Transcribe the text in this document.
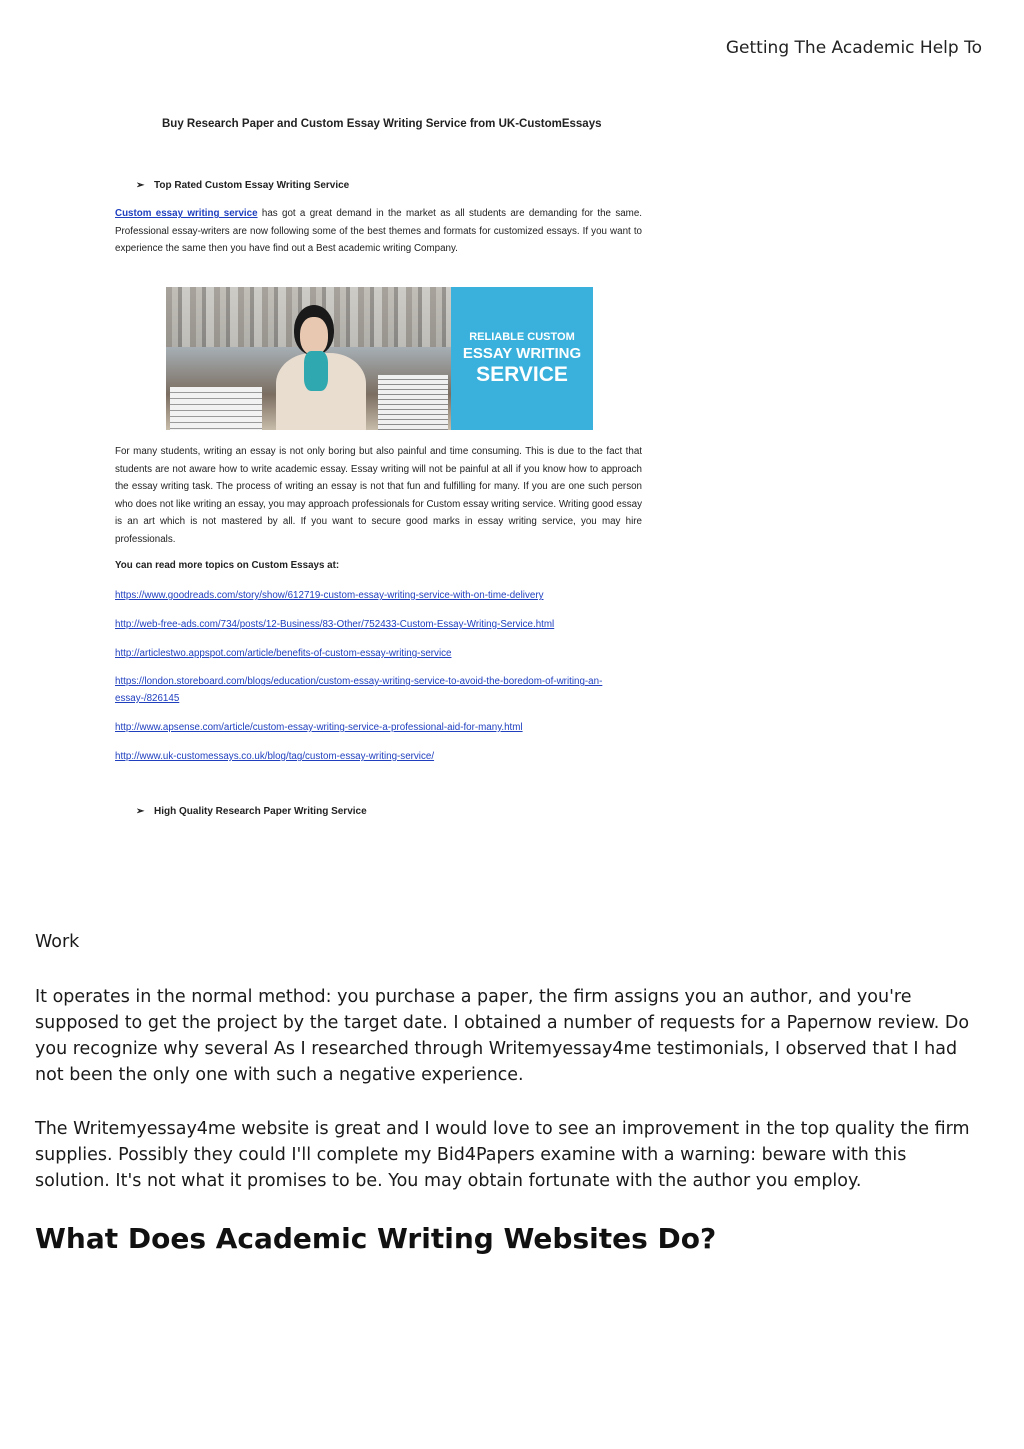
Getting The Academic Help To
Buy Research Paper and Custom Essay Writing Service from UK-CustomEssays
➢ Top Rated Custom Essay Writing Service
Custom essay writing service has got a great demand in the market as all students are demanding for the same. Professional essay-writers are now following some of the best themes and formats for customized essays. If you want to experience the same then you have find out a Best academic writing Company.
RELIABLE CUSTOM
ESSAY WRITING
SERVICE
For many students, writing an essay is not only boring but also painful and time consuming. This is due to the fact that students are not aware how to write academic essay. Essay writing will not be painful at all if you know how to approach the essay writing task. The process of writing an essay is not that fun and fulfilling for many. If you are one such person who does not like writing an essay, you may approach professionals for Custom essay writing service. Writing good essay is an art which is not mastered by all. If you want to secure good marks in essay writing service, you may hire professionals.
You can read more topics on Custom Essays at:
https://www.goodreads.com/story/show/612719-custom-essay-writing-service-with-on-time-delivery
http://web-free-ads.com/734/posts/12-Business/83-Other/752433-Custom-Essay-Writing-Service.html
http://articlestwo.appspot.com/article/benefits-of-custom-essay-writing-service
https://london.storeboard.com/blogs/education/custom-essay-writing-service-to-avoid-the-boredom-of-writing-an-essay-/826145
http://www.apsense.com/article/custom-essay-writing-service-a-professional-aid-for-many.html
http://www.uk-customessays.co.uk/blog/tag/custom-essay-writing-service/
➢ High Quality Research Paper Writing Service
Work
It operates in the normal method: you purchase a paper, the firm assigns you an author, and you're supposed to get the project by the target date. I obtained a number of requests for a Papernow review. Do you recognize why several As I researched through Writemyessay4me testimonials, I observed that I had not been the only one with such a negative experience.
The Writemyessay4me website is great and I would love to see an improvement in the top quality the firm supplies. Possibly they could I'll complete my Bid4Papers examine with a warning: beware with this solution. It's not what it promises to be. You may obtain fortunate with the author you employ.
What Does Academic Writing Websites Do?
